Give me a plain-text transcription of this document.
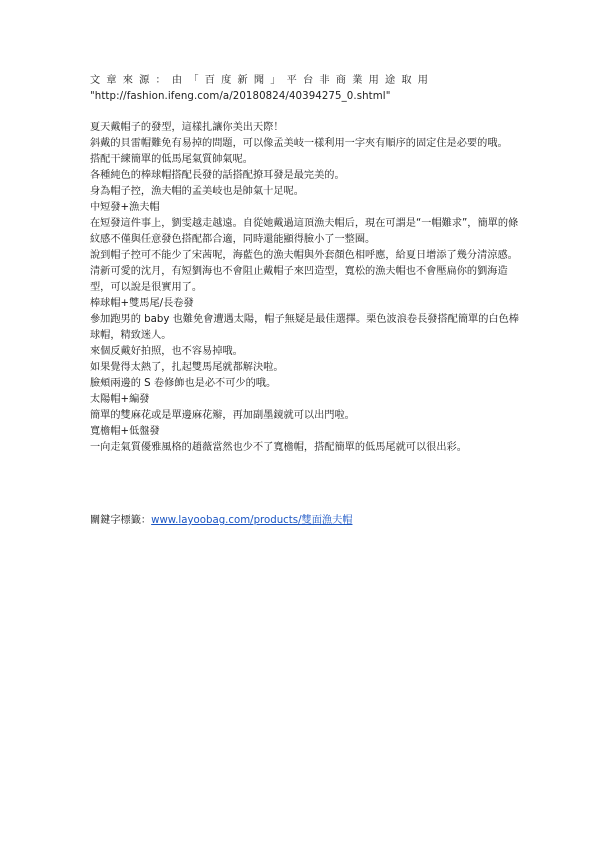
文章來源：由「百度新聞」平台非商業用途取用
"http://fashion.ifeng.com/a/20180824/40394275_0.shtml"

夏天戴帽子的發型，這樣扎讓你美出天際！

斜戴的貝雷帽難免有易掉的問題，可以像孟美岐一樣利用一字夾有順序的固定住是必要的哦。

搭配干練簡單的低馬尾氣質帥氣呢。

各種純色的棒球帽搭配長發的話搭配撩耳發是最完美的。

身為帽子控，漁夫帽的孟美岐也是帥氣十足呢。

中短發+漁夫帽

在短發這件事上，劉雯越走越遠。自從她戴過這頂漁夫帽后，現在可謂是“一帽難求”，簡單的條紋感不僅與任意發色搭配都合適，同時還能顯得臉小了一整圈。

說到帽子控可不能少了宋茜呢，海藍色的漁夫帽與外套顏色相呼應，給夏日增添了幾分清涼感。

清新可愛的沈月，有短劉海也不會阻止戴帽子來凹造型，寬松的漁夫帽也不會壓扁你的劉海造型，可以說是很實用了。

棒球帽+雙馬尾/長卷發

參加跑男的 baby 也難免會遭遇太陽，帽子無疑是最佳選擇。栗色波浪卷長發搭配簡單的白色棒球帽，精致迷人。

來個反戴好拍照，也不容易掉哦。

如果覺得太熱了，扎起雙馬尾就都解決啦。

臉頰兩邊的 S 卷修飾也是必不可少的哦。

太陽帽+編發

簡單的雙麻花或是單邊麻花辮，再加副墨鏡就可以出門啦。

寬檐帽+低盤發

一向走氣質優雅風格的趙薇當然也少不了寬檐帽，搭配簡單的低馬尾就可以很出彩。

關鍵字標籤：www.layoobag.com/products/雙面漁夫帽
